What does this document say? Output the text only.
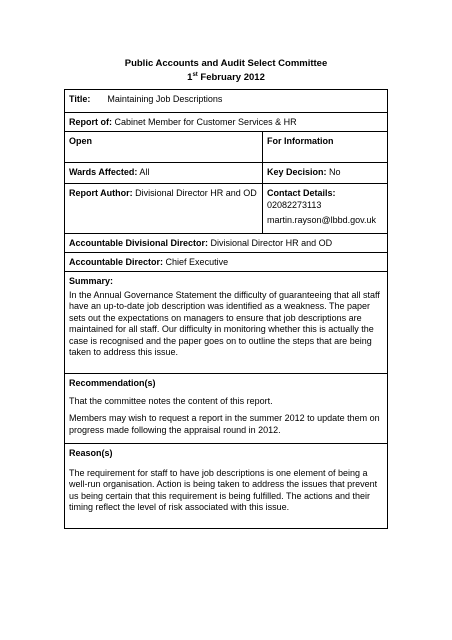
Public Accounts and Audit Select Committee
1st February 2012
Title: Maintaining Job Descriptions
Report of: Cabinet Member for Customer Services & HR
Open	For Information
Wards Affected: All	Key Decision: No
Report Author: Divisional Director HR and OD	Contact Details:

02082273113

martin.rayson@lbbd.gov.uk

Accountable Divisional Director: Divisional Director HR and OD
Accountable Director: Chief Executive

Summary:

In the Annual Governance Statement the difficulty of guaranteeing that all staff have an up-to-date job description was identified as a weakness. The paper sets out the expectations on managers to ensure that job descriptions are maintained for all staff. Our difficulty in monitoring whether this is actually the case is recognised and the paper goes on to outline the steps that are being taken to address this issue.

Recommendation(s)

That the committee notes the content of this report.

Members may wish to request a report in the summer 2012 to update them on progress made following the appraisal round in 2012.

Reason(s)

The requirement for staff to have job descriptions is one element of being a well-run organisation. Action is being taken to address the issues that prevent us being certain that this requirement is being fulfilled. The actions and their timing reflect the level of risk associated with this issue.
